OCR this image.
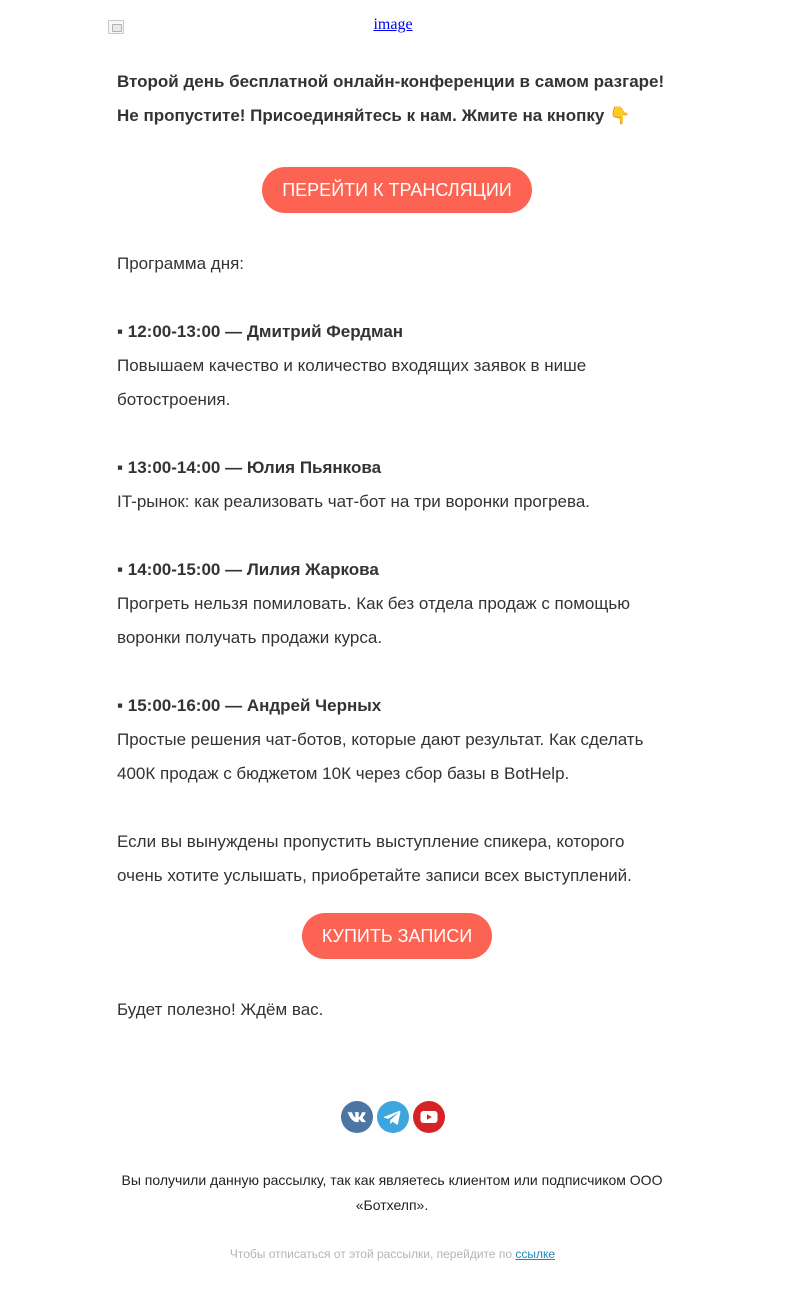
image
Второй день бесплатной онлайн-конференции в самом разгаре!
Не пропустите! Присоединяйтесь к нам. Жмите на кнопку 👇
ПЕРЕЙТИ К ТРАНСЛЯЦИИ
Программа дня:
▪ 12:00-13:00 — Дмитрий Фердман
Повышаем качество и количество входящих заявок в нише
ботостроения.
▪ 13:00-14:00 — Юлия Пьянкова
IT-рынок: как реализовать чат-бот на три воронки прогрева.
▪ 14:00-15:00 — Лилия Жаркова
Прогреть нельзя помиловать. Как без отдела продаж с помощью
воронки получать продажи курса.
▪ 15:00-16:00 — Андрей Черных
Простые решения чат-ботов, которые дают результат. Как сделать
400К продаж с бюджетом 10К через сбор базы в BotHelp.
Если вы вынуждены пропустить выступление спикера, которого
очень хотите услышать, приобретайте записи всех выступлений.
КУПИТЬ ЗАПИСИ
Будет полезно! Ждём вас.

Вы получили данную рассылку, так как являетесь клиентом или подписчиком ООО
«Ботхелп».
Чтобы отписаться от этой рассылки, перейдите по ссылке
